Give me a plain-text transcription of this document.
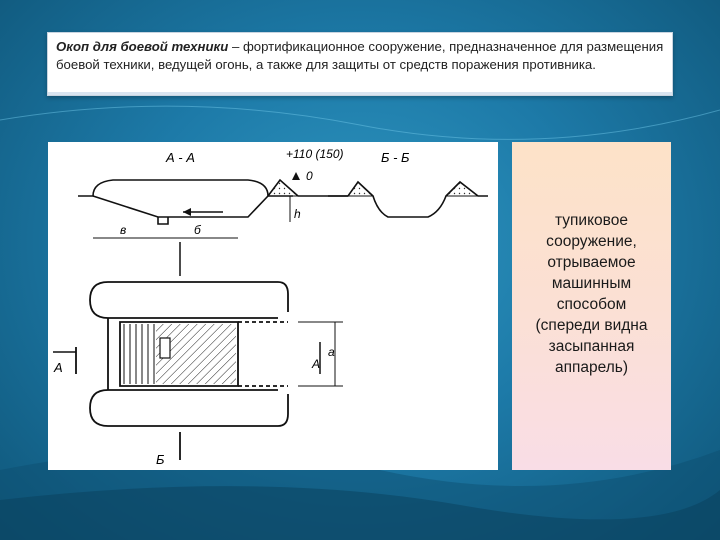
Окоп для боевой техники – фортификационное сооружение, предназначенное для размещения боевой техники, ведущей огонь, а также для защиты от средств поражения противника.
А - А	+110 (150)
0
h
в	б
Б - Б
а
А
А
Б
тупиковое
сооружение,
отрываемое
машинным
способом
(спереди видна
засыпанная
аппарель)
